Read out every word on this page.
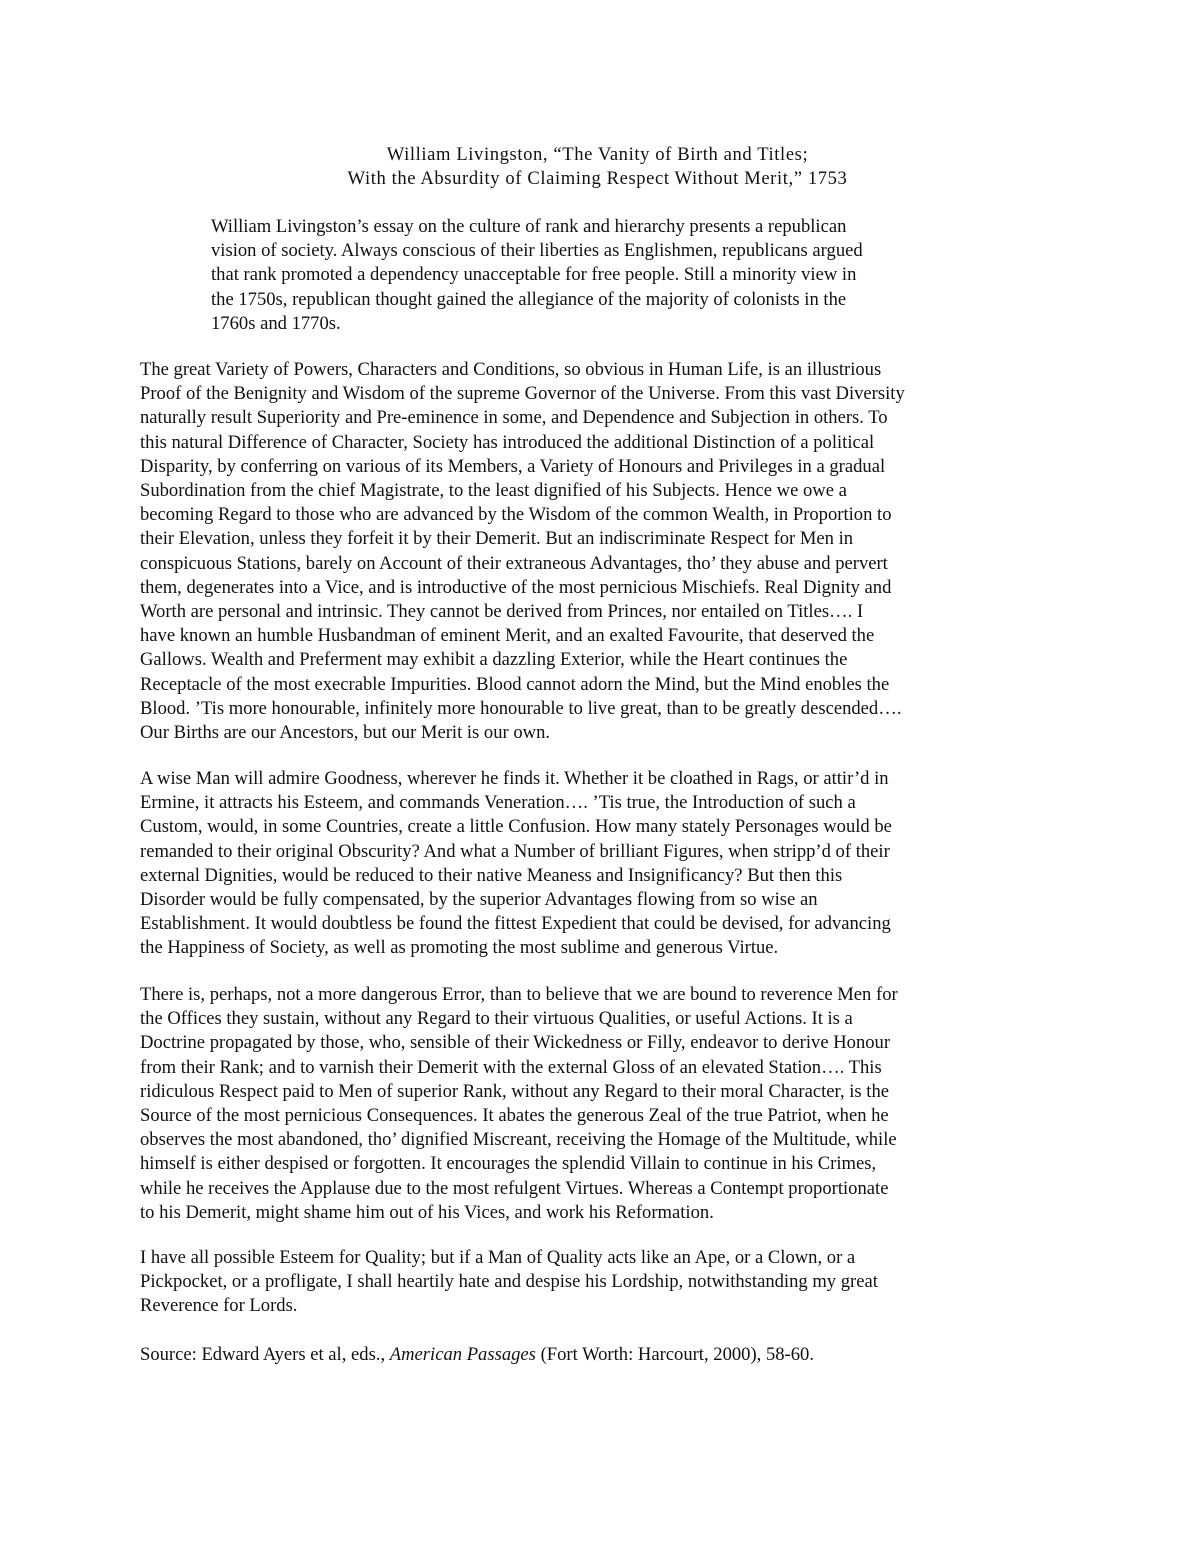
William Livingston, “The Vanity of Birth and Titles;
With the Absurdity of Claiming Respect Without Merit,” 1753
William Livingston’s essay on the culture of rank and hierarchy presents a republican
vision of society. Always conscious of their liberties as Englishmen, republicans argued
that rank promoted a dependency unacceptable for free people. Still a minority view in
the 1750s, republican thought gained the allegiance of the majority of colonists in the
1760s and 1770s.
The great Variety of Powers, Characters and Conditions, so obvious in Human Life, is an illustrious
Proof of the Benignity and Wisdom of the supreme Governor of the Universe. From this vast Diversity
naturally result Superiority and Pre-eminence in some, and Dependence and Subjection in others. To
this natural Difference of Character, Society has introduced the additional Distinction of a political
Disparity, by conferring on various of its Members, a Variety of Honours and Privileges in a gradual
Subordination from the chief Magistrate, to the least dignified of his Subjects. Hence we owe a
becoming Regard to those who are advanced by the Wisdom of the common Wealth, in Proportion to
their Elevation, unless they forfeit it by their Demerit. But an indiscriminate Respect for Men in
conspicuous Stations, barely on Account of their extraneous Advantages, tho’ they abuse and pervert
them, degenerates into a Vice, and is introductive of the most pernicious Mischiefs. Real Dignity and
Worth are personal and intrinsic. They cannot be derived from Princes, nor entailed on Titles…. I
have known an humble Husbandman of eminent Merit, and an exalted Favourite, that deserved the
Gallows. Wealth and Preferment may exhibit a dazzling Exterior, while the Heart continues the
Receptacle of the most execrable Impurities. Blood cannot adorn the Mind, but the Mind enobles the
Blood. ’Tis more honourable, infinitely more honourable to live great, than to be greatly descended….
Our Births are our Ancestors, but our Merit is our own.
A wise Man will admire Goodness, wherever he finds it. Whether it be cloathed in Rags, or attir’d in
Ermine, it attracts his Esteem, and commands Veneration…. ’Tis true, the Introduction of such a
Custom, would, in some Countries, create a little Confusion. How many stately Personages would be
remanded to their original Obscurity? And what a Number of brilliant Figures, when stripp’d of their
external Dignities, would be reduced to their native Meaness and Insignificancy? But then this
Disorder would be fully compensated, by the superior Advantages flowing from so wise an
Establishment. It would doubtless be found the fittest Expedient that could be devised, for advancing
the Happiness of Society, as well as promoting the most sublime and generous Virtue.
There is, perhaps, not a more dangerous Error, than to believe that we are bound to reverence Men for
the Offices they sustain, without any Regard to their virtuous Qualities, or useful Actions. It is a
Doctrine propagated by those, who, sensible of their Wickedness or Filly, endeavor to derive Honour
from their Rank; and to varnish their Demerit with the external Gloss of an elevated Station…. This
ridiculous Respect paid to Men of superior Rank, without any Regard to their moral Character, is the
Source of the most pernicious Consequences. It abates the generous Zeal of the true Patriot, when he
observes the most abandoned, tho’ dignified Miscreant, receiving the Homage of the Multitude, while
himself is either despised or forgotten. It encourages the splendid Villain to continue in his Crimes,
while he receives the Applause due to the most refulgent Virtues. Whereas a Contempt proportionate
to his Demerit, might shame him out of his Vices, and work his Reformation.
I have all possible Esteem for Quality; but if a Man of Quality acts like an Ape, or a Clown, or a
Pickpocket, or a profligate, I shall heartily hate and despise his Lordship, notwithstanding my great
Reverence for Lords.
Source: Edward Ayers et al, eds., American Passages (Fort Worth: Harcourt, 2000), 58-60.
